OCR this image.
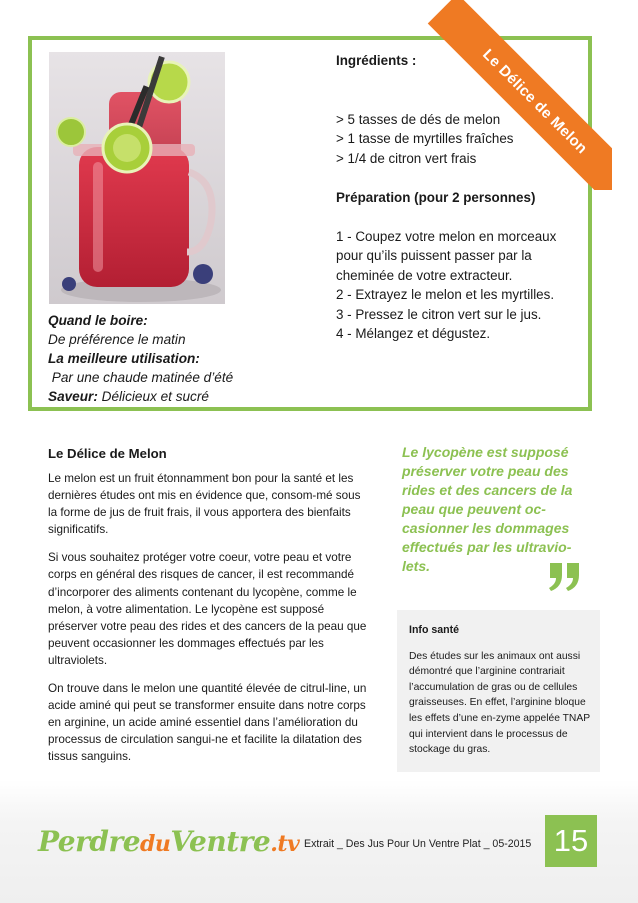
Le Délice de Melon
Ingrédients :
> 5 tasses de dés de melon
> 1 tasse de myrtilles fraîches
> 1/4 de citron vert frais
Préparation (pour 2 personnes)
1 - Coupez votre melon en morceaux
pour qu’ils puissent passer par la
cheminée de votre extracteur.
2 - Extrayez le melon et les myrtilles.
3 - Pressez le citron vert sur le jus.
4 - Mélangez et dégustez.
Quand le boire:
De préférence le matin
La meilleure utilisation:
Par une chaude matinée d’été
Saveur: Délicieux et sucré
Le Délice de Melon

Le melon est un fruit étonnamment bon pour la santé et les dernières études ont mis en évidence que, consom-mé sous la forme de jus de fruit frais, il vous apportera des bienfaits significatifs.

Si vous souhaitez protéger votre coeur, votre peau et votre corps en général des risques de cancer, il est recommandé d’incorporer des aliments contenant du lycopène, comme le melon, à votre alimentation. Le lycopène est supposé préserver votre peau des rides et des cancers de la peau que peuvent occasionner les dommages effectués par les ultraviolets.

On trouve dans le melon une quantité élevée de citrul-line, un acide aminé qui peut se transformer ensuite dans notre corps en arginine, un acide aminé essentiel dans l’amélioration du processus de circulation sangui-ne et facilite la dilatation des tissus sanguins.

Le lycopène est supposé préserver votre peau des rides et des cancers de la peau que peuvent oc-casionner les dommages effectués par les ultravio-lets.
Info santé
Des études sur les animaux ont aussi démontré que l’arginine contrariait l’accumulation de gras ou de cellules graisseuses. En effet, l’arginine bloque les effets d’une en-zyme appelée TNAP qui intervient dans le processus de stockage du gras.
PerdreduVentre.tv Extrait _ Des Jus Pour Un Ventre Plat _ 05-2015 15
